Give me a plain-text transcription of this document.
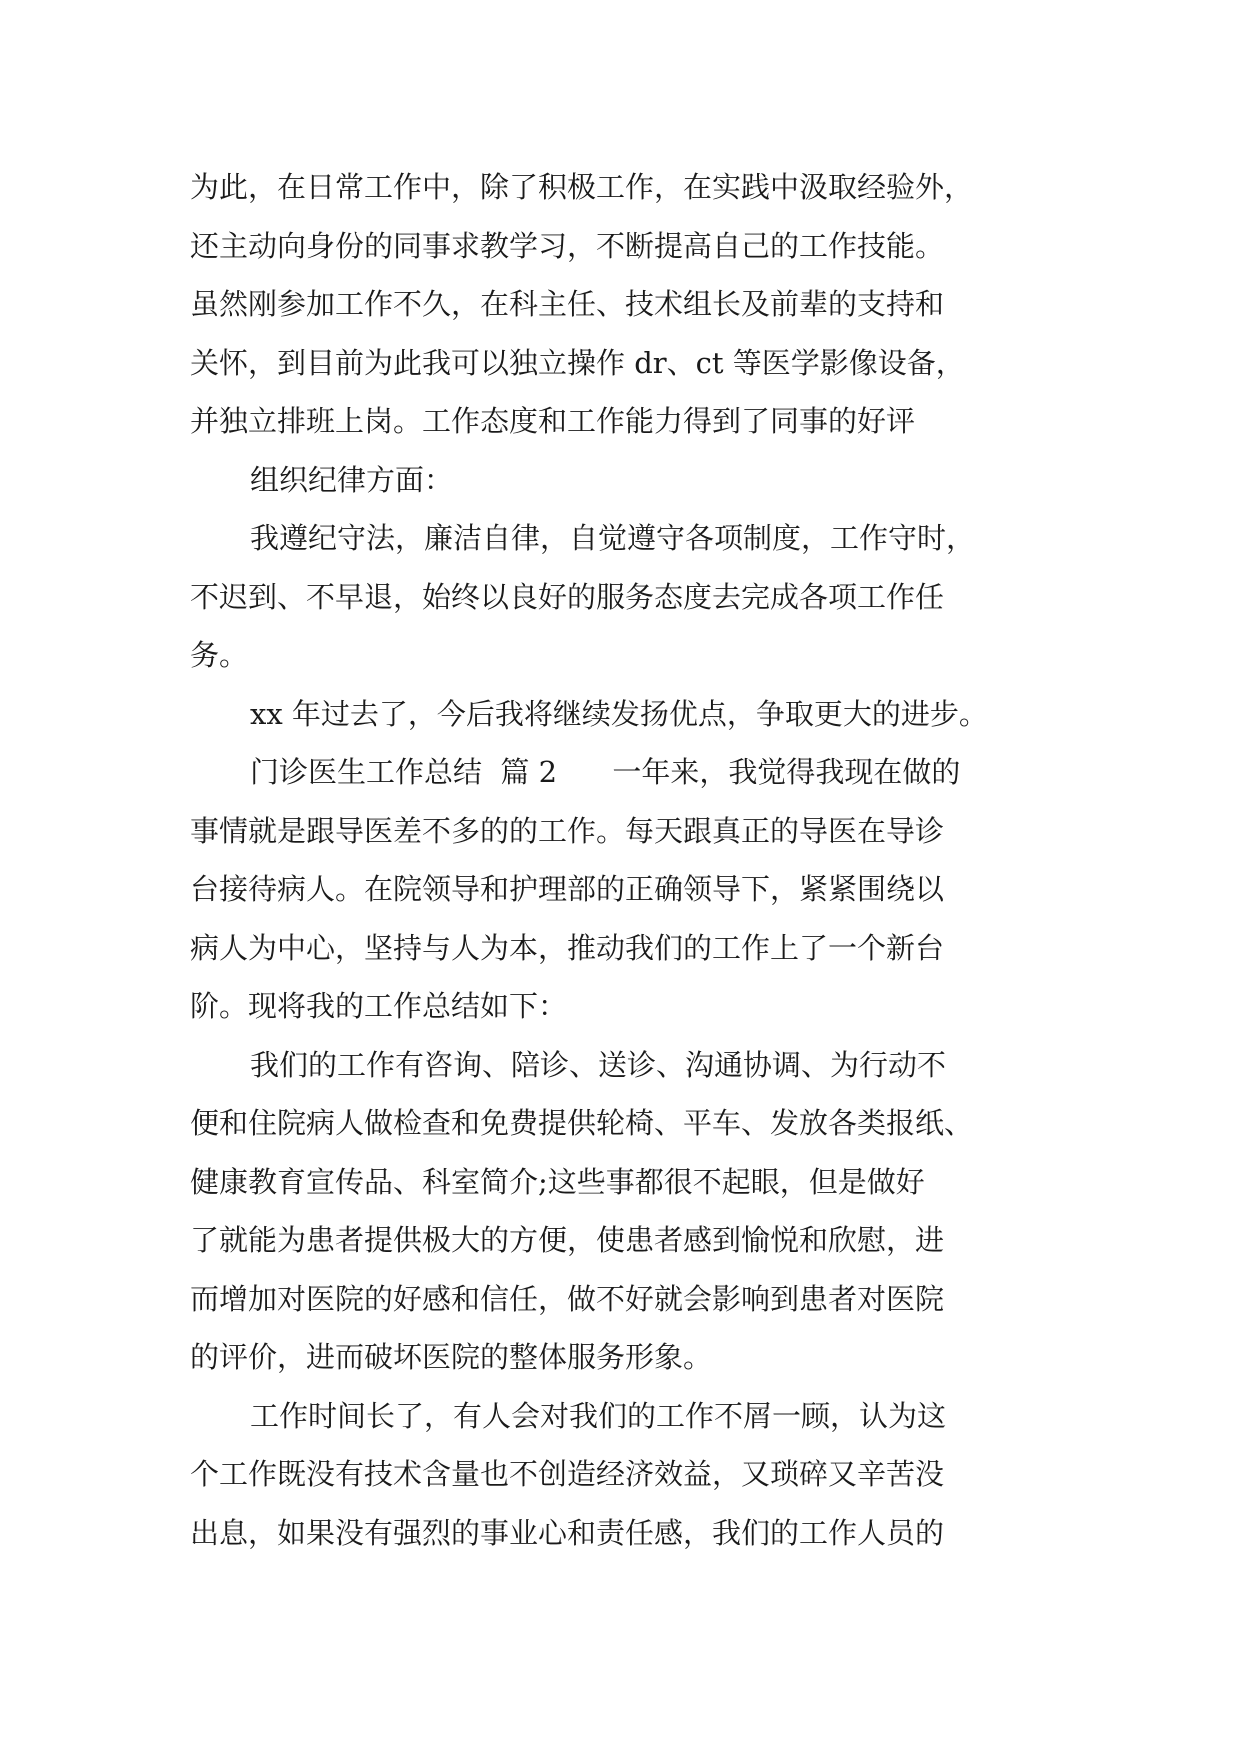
为此，在日常工作中，除了积极工作，在实践中汲取经验外，
还主动向身份的同事求教学习，不断提高自己的工作技能。
虽然刚参加工作不久，在科主任、技术组长及前辈的支持和
关怀，到目前为此我可以独立操作 dr、ct 等医学影像设备，
并独立排班上岗。工作态度和工作能力得到了同事的好评
组织纪律方面：
我遵纪守法，廉洁自律，自觉遵守各项制度，工作守时，
不迟到、不早退，始终以良好的服务态度去完成各项工作任
务。
xx 年过去了，今后我将继续发扬优点，争取更大的进步。
门诊医生工作总结  篇 2      一年来，我觉得我现在做的
事情就是跟导医差不多的的工作。每天跟真正的导医在导诊
台接待病人。在院领导和护理部的正确领导下，紧紧围绕以
病人为中心，坚持与人为本，推动我们的工作上了一个新台
阶。现将我的工作总结如下：
我们的工作有咨询、陪诊、送诊、沟通协调、为行动不
便和住院病人做检查和免费提供轮椅、平车、发放各类报纸、
健康教育宣传品、科室简介;这些事都很不起眼，但是做好
了就能为患者提供极大的方便，使患者感到愉悦和欣慰，进
而增加对医院的好感和信任，做不好就会影响到患者对医院
的评价，进而破坏医院的整体服务形象。
工作时间长了，有人会对我们的工作不屑一顾，认为这
个工作既没有技术含量也不创造经济效益，又琐碎又辛苦没
出息，如果没有强烈的事业心和责任感，我们的工作人员的
